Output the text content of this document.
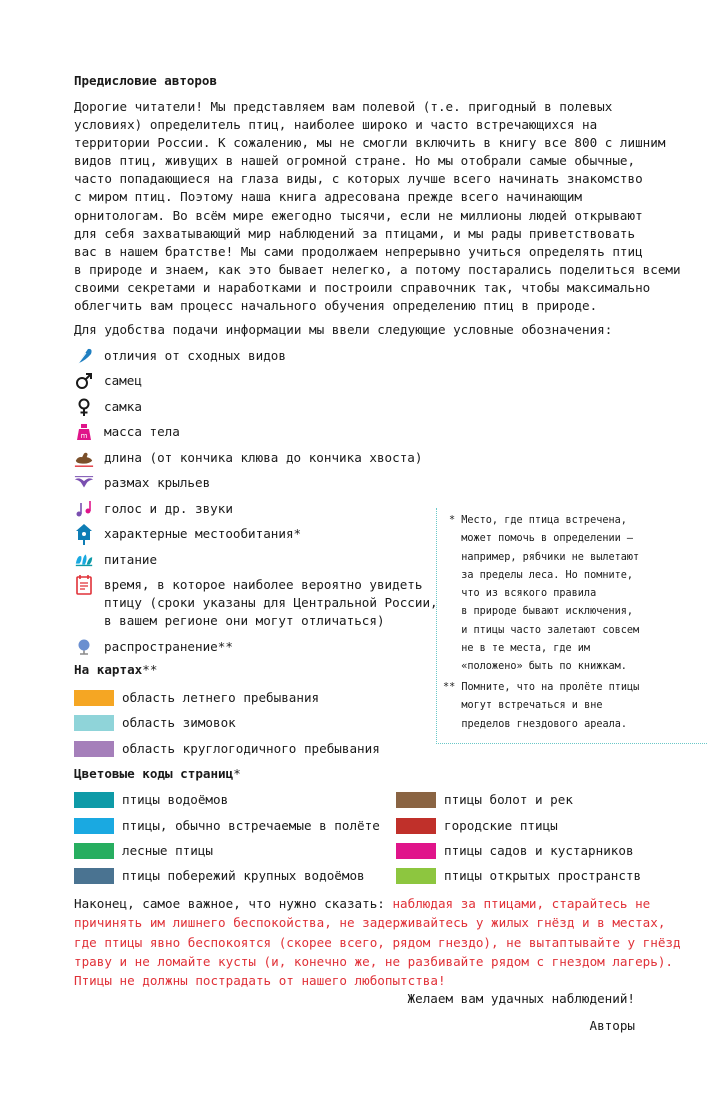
Предисловие авторов
Дорогие читатели! Мы представляем вам полевой (т.е. пригодный в полевых
условиях) определитель птиц, наиболее широко и часто встречающихся на
территории России. К сожалению, мы не смогли включить в книгу все 800 с лишним
видов птиц, живущих в нашей огромной стране. Но мы отобрали самые обычные,
часто попадающиеся на глаза виды, с которых лучше всего начинать знакомство
с миром птиц. Поэтому наша книга адресована прежде всего начинающим
орнитологам. Во всём мире ежегодно тысячи, если не миллионы людей открывают
для себя захватывающий мир наблюдений за птицами, и мы рады приветствовать
вас в нашем братстве! Мы сами продолжаем непрерывно учиться определять птиц
в природе и знаем, как это бывает нелегко, а потому постарались поделиться всеми
своими секретами и наработками и построили справочник так, чтобы максимально
облегчить вам процесс начального обучения определению птиц в природе.
Для удобства подачи информации мы ввели следующие условные обозначения:
отличия от сходных видов
самец
самка
m масса тела
длина (от кончика клюва до кончика хвоста)
размах крыльев
голос и др. звуки
характерные местообитания*
питание
время, в которое наиболее вероятно увидеть
птицу (сроки указаны для Центральной России,
в вашем регионе они могут отличаться)
распространение**
* Место, где птица встречена,
может помочь в определении –
например, рябчики не вылетают
за пределы леса. Но помните,
что из всякого правила
в природе бывают исключения,
и птицы часто залетают совсем
не в те места, где им
«положено» быть по книжкам.
** Помните, что на пролёте птицы
могут встречаться и вне
пределов гнездового ареала.
На картах**
область летнего пребывания
область зимовок
область круглогодичного пребывания
Цветовые коды страниц*
птицы водоёмов
птицы, обычно встречаемые в полёте
лесные птицы
птицы побережий крупных водоёмов
птицы болот и рек
городские птицы
птицы садов и кустарников
птицы открытых пространств
Наконец, самое важное, что нужно сказать: наблюдая за птицами, старайтесь не
причинять им лишнего беспокойства, не задерживайтесь у жилых гнёзд и в местах,
где птицы явно беспокоятся (скорее всего, рядом гнездо), не вытаптывайте у гнёзд
траву и не ломайте кусты (и, конечно же, не разбивайте рядом с гнездом лагерь).
Птицы не должны пострадать от нашего любопытства!
Желаем вам удачных наблюдений!
Авторы
